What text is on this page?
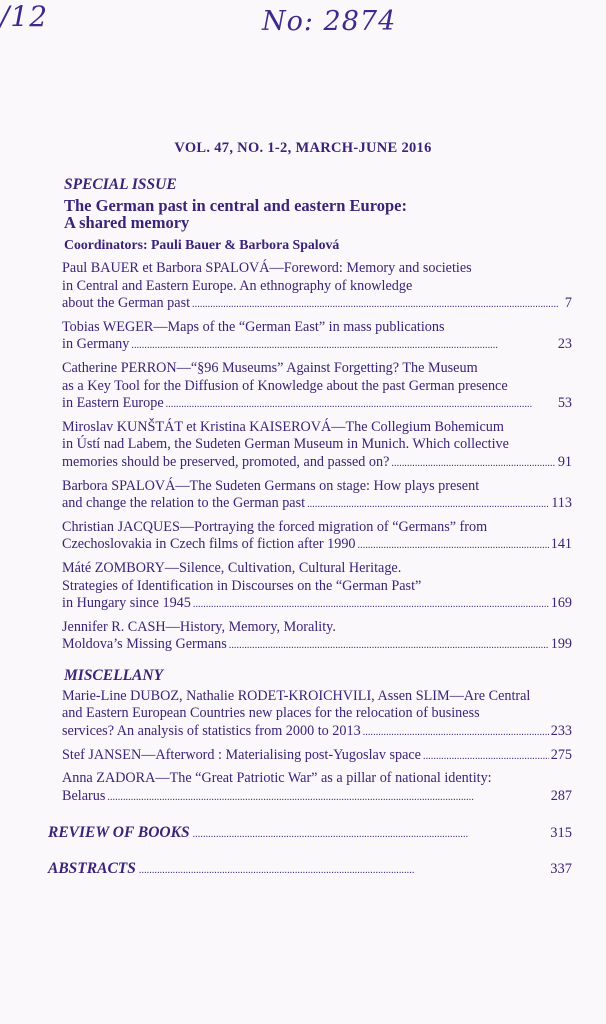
/12	No: 2874
VOL. 47, NO. 1-2, MARCH-JUNE 2016
SPECIAL ISSUE
The German past in central and eastern Europe:
A shared memory
Coordinators: Pauli Bauer & Barbora Spalová
Paul BAUER et Barbora SPALOVÁ—Foreword: Memory and societies
in Central and Eastern Europe. An ethnography of knowledge
about the German past . . .	7
Tobias WEGER—Maps of the “German East” in mass publications
in Germany . . .	23
Catherine PERRON—“§96 Museums” Against Forgetting? The Museum
as a Key Tool for the Diffusion of Knowledge about the past German presence
in Eastern Europe . . .	53
Miroslav KUNŠTÁT et Kristina KAISEROVÁ—The Collegium Bohemicum
in Ústí nad Labem, the Sudeten German Museum in Munich. Which collective
memories should be preserved, promoted, and passed on? . . .	91
Barbora SPALOVÁ—The Sudeten Germans on stage: How plays present
and change the relation to the German past . . .	113
Christian JACQUES—Portraying the forced migration of “Germans” from
Czechoslovakia in Czech films of fiction after 1990 . . .	141
Máté ZOMBORY—Silence, Cultivation, Cultural Heritage.
Strategies of Identification in Discourses on the “German Past”
in Hungary since 1945 . . .	169
Jennifer R. CASH—History, Memory, Morality.
Moldova’s Missing Germans . . .	199
MISCELLANY
Marie-Line DUBOZ, Nathalie RODET-KROICHVILI, Assen SLIM—Are Central
and Eastern European Countries new places for the relocation of business
services? An analysis of statistics from 2000 to 2013 . . .	233
Stef JANSEN—Afterword : Materialising post-Yugoslav space . . .	275
Anna ZADORA—The “Great Patriotic War” as a pillar of national identity:
Belarus . . .	287
REVIEW OF BOOKS . . .	315
ABSTRACTS . . .	337
